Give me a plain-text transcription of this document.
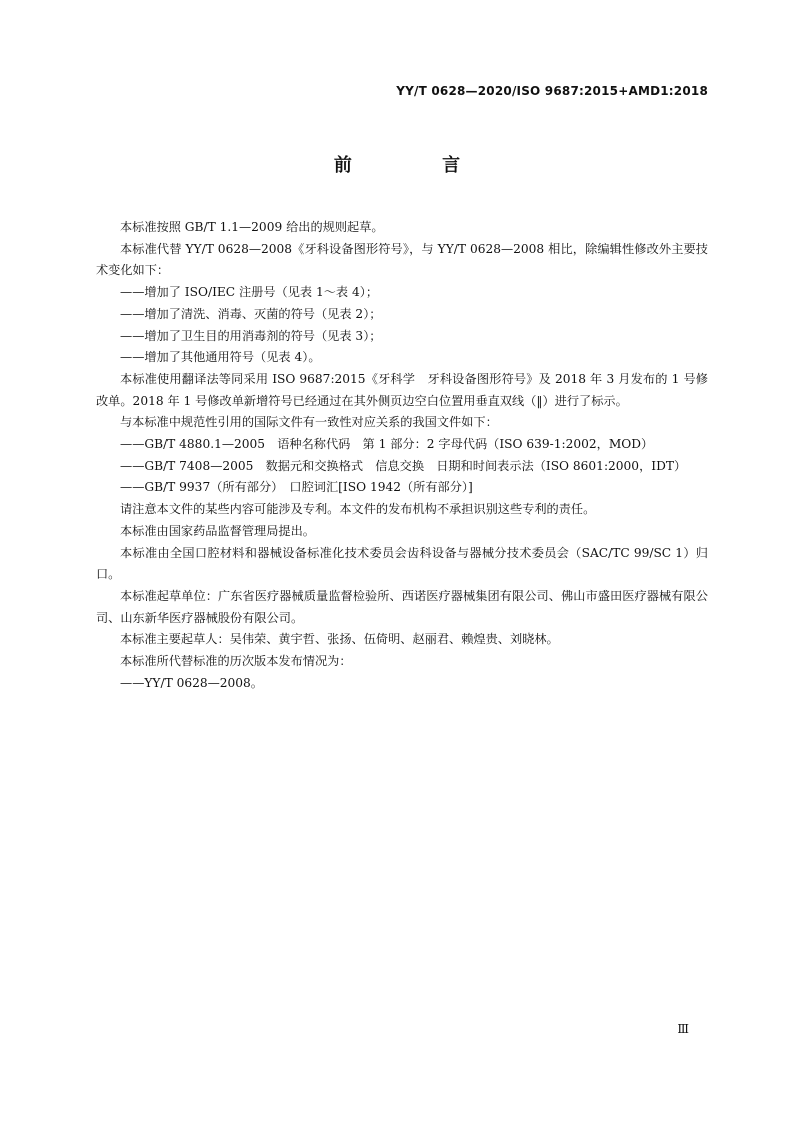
YY/T 0628—2020/ISO 9687:2015+AMD1:2018
前 言

本标准按照 GB/T 1.1—2009 给出的规则起草。

本标准代替 YY/T 0628—2008《牙科设备图形符号》，与 YY/T 0628—2008 相比，除编辑性修改外主要技术变化如下：

——增加了 ISO/IEC 注册号（见表 1～表 4）；

——增加了清洗、消毒、灭菌的符号（见表 2）；

——增加了卫生目的用消毒剂的符号（见表 3）；

——增加了其他通用符号（见表 4）。

本标准使用翻译法等同采用 ISO 9687:2015《牙科学　牙科设备图形符号》及 2018 年 3 月发布的 1 号修改单。2018 年 1 号修改单新增符号已经通过在其外侧页边空白位置用垂直双线（‖）进行了标示。

与本标准中规范性引用的国际文件有一致性对应关系的我国文件如下：

——GB/T 4880.1—2005　语种名称代码　第 1 部分：2 字母代码（ISO 639-1:2002，MOD）

——GB/T 7408—2005　数据元和交换格式　信息交换　日期和时间表示法（ISO 8601:2000，IDT）

——GB/T 9937（所有部分）　口腔词汇[ISO 1942（所有部分）]

请注意本文件的某些内容可能涉及专利。本文件的发布机构不承担识别这些专利的责任。

本标准由国家药品监督管理局提出。

本标准由全国口腔材料和器械设备标准化技术委员会齿科设备与器械分技术委员会（SAC/TC 99/SC 1）归口。

本标准起草单位：广东省医疗器械质量监督检验所、西诺医疗器械集团有限公司、佛山市盛田医疗器械有限公司、山东新华医疗器械股份有限公司。

本标准主要起草人：吴伟荣、黄宇哲、张扬、伍倚明、赵丽君、赖煌贵、刘晓林。

本标准所代替标准的历次版本发布情况为：

——YY/T 0628—2008。

Ⅲ
